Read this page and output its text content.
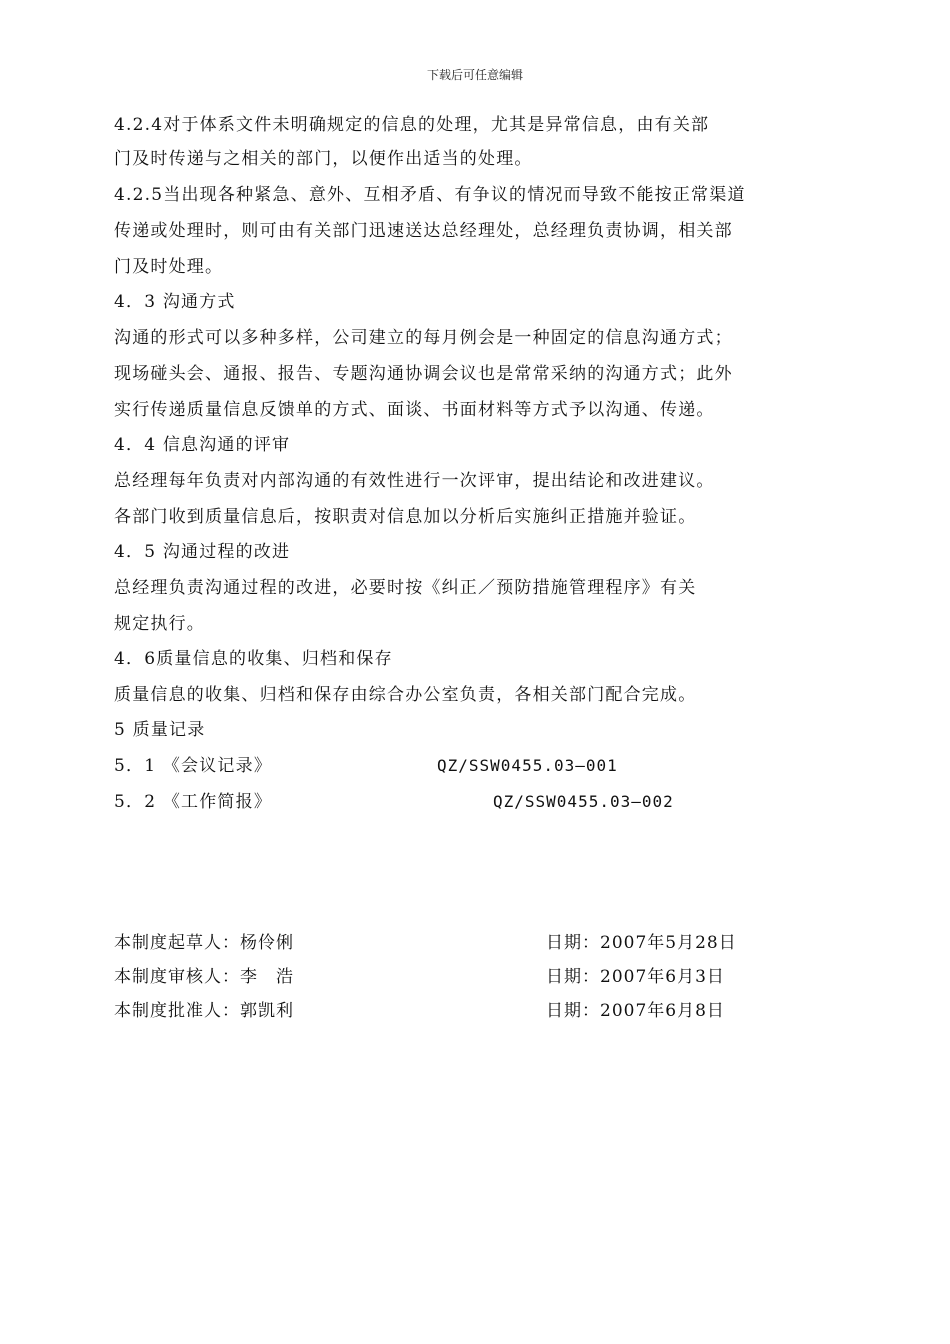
下载后可任意编辑
4.2.4对于体系文件未明确规定的信息的处理，尤其是异常信息，由有关部
门及时传递与之相关的部门，以便作出适当的处理。
4.2.5当出现各种紧急、意外、互相矛盾、有争议的情况而导致不能按正常渠道
传递或处理时，则可由有关部门迅速送达总经理处，总经理负责协调，相关部
门及时处理。
4．3 沟通方式
沟通的形式可以多种多样，公司建立的每月例会是一种固定的信息沟通方式；
现场碰头会、通报、报告、专题沟通协调会议也是常常采纳的沟通方式；此外
实行传递质量信息反馈单的方式、面谈、书面材料等方式予以沟通、传递。
4．4 信息沟通的评审
总经理每年负责对内部沟通的有效性进行一次评审，提出结论和改进建议。
各部门收到质量信息后，按职责对信息加以分析后实施纠正措施并验证。
4．5 沟通过程的改进
总经理负责沟通过程的改进，必要时按《纠正／预防措施管理程序》有关
规定执行。
4．6质量信息的收集、归档和保存
质量信息的收集、归档和保存由综合办公室负责，各相关部门配合完成。
5 质量记录
5．1 《会议记录》	QZ/SSW0455.03—001
5．2 《工作简报》	QZ/SSW0455.03—002
本制度起草人：杨伶俐	日期：2007年5月28日
本制度审核人：李　浩	日期：2007年6月3日
本制度批准人：郭凯利	日期：2007年6月8日
